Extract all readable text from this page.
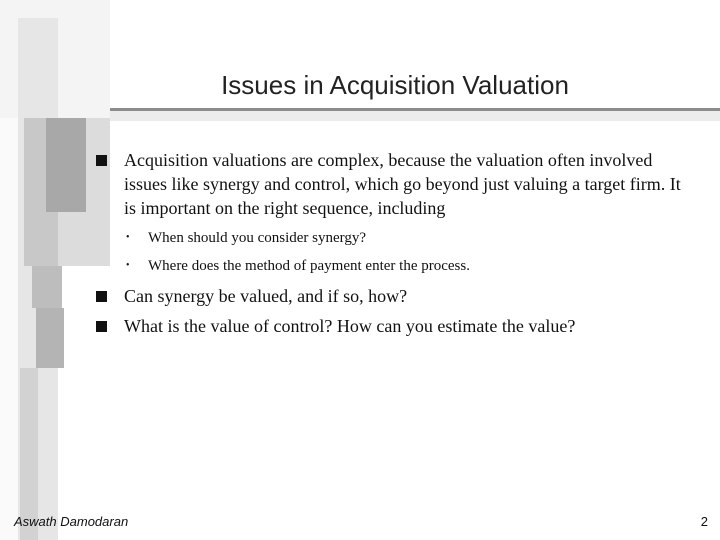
Issues in Acquisition Valuation
Acquisition valuations are complex, because the valuation often involved issues like synergy and control, which go beyond just valuing a target firm. It is important on the right sequence, including
•	When should you consider synergy?
•	Where does the method of payment enter the process.
Can synergy be valued, and if so, how?
What is the value of control? How can you estimate the value?
Aswath Damodaran	2
